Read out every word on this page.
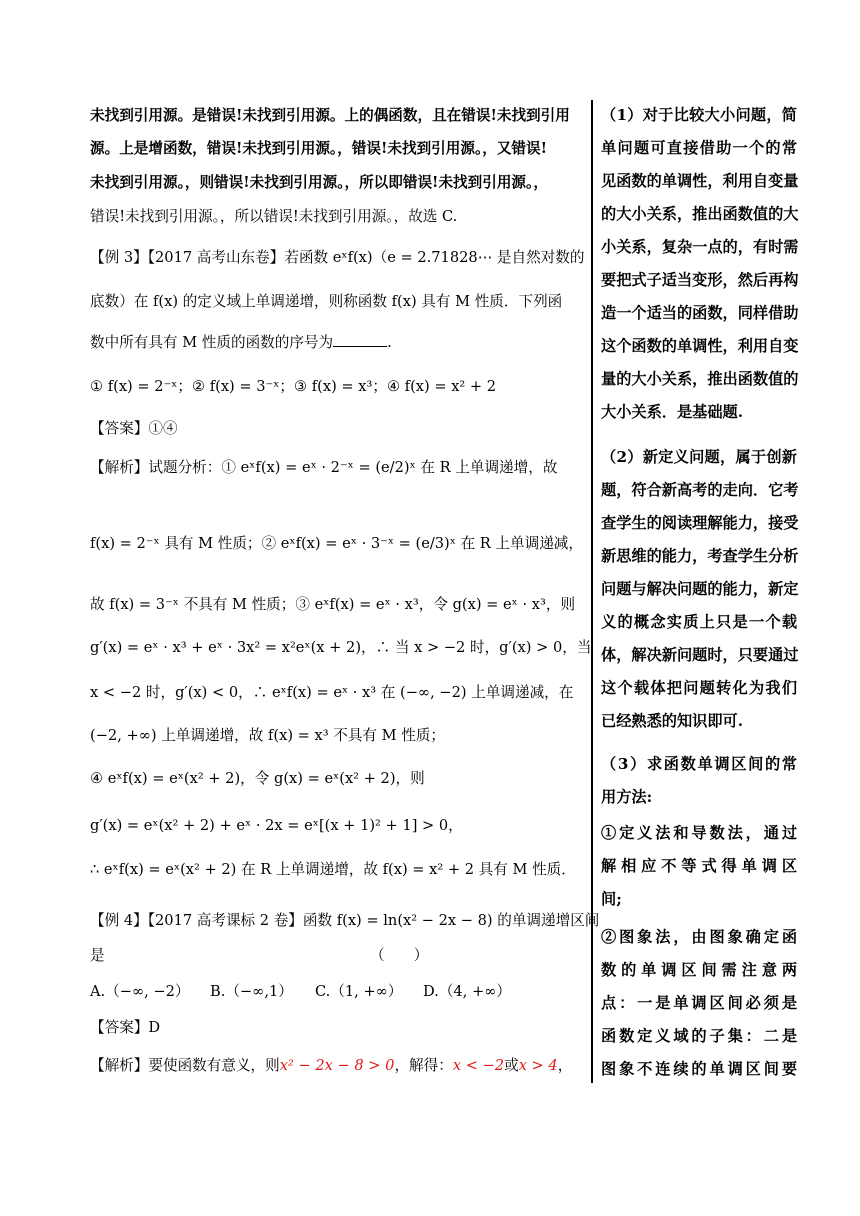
未找到引用源。是错误!未找到引用源。上的偶函数，且在错误!未找到引用
源。上是增函数，错误!未找到引用源。，错误!未找到引用源。，又错误!
未找到引用源。，则错误!未找到引用源。，所以即错误!未找到引用源。，
错误!未找到引用源。，所以错误!未找到引用源。，故选 C.
【例 3】【2017 高考山东卷】若函数 eˣf(x)（e = 2.71828⋯ 是自然对数的
底数）在 f(x) 的定义域上单调递增，则称函数 f(x) 具有 M 性质．下列函
数中所有具有 M 性质的函数的序号为	.
① f(x) = 2⁻ˣ；② f(x) = 3⁻ˣ；③ f(x) = x³；④ f(x) = x² + 2
【答案】①④
【解析】试题分析：① eˣf(x) = eˣ · 2⁻ˣ = (e/2)ˣ 在 R 上单调递增，故
f(x) = 2⁻ˣ 具有 M 性质；② eˣf(x) = eˣ · 3⁻ˣ = (e/3)ˣ 在 R 上单调递减，
故 f(x) = 3⁻ˣ 不具有 M 性质；③ eˣf(x) = eˣ · x³，令 g(x) = eˣ · x³，则
g′(x) = eˣ · x³ + eˣ · 3x² = x²eˣ(x + 2)，∴ 当 x > −2 时，g′(x) > 0，当
x < −2 时，g′(x) < 0，∴ eˣf(x) = eˣ · x³ 在 (−∞, −2) 上单调递减，在
(−2, +∞) 上单调递增，故 f(x) = x³ 不具有 M 性质；
④ eˣf(x) = eˣ(x² + 2)，令 g(x) = eˣ(x² + 2)，则
g′(x) = eˣ(x² + 2) + eˣ · 2x = eˣ[(x + 1)² + 1] > 0，
∴ eˣf(x) = eˣ(x² + 2) 在 R 上单调递增，故 f(x) = x² + 2 具有 M 性质．
【例 4】【2017 高考课标 2 卷】函数 f(x) = ln(x² − 2x − 8) 的单调递增区间
是	（　　）
A.（−∞, −2） B.（−∞,1） C.（1, +∞） D.（4, +∞）
【答案】D
【解析】要使函数有意义，则x² − 2x − 8 > 0，解得：x < −2或x > 4，
（1）对于比较大小问题，简
单问题可直接借助一个的常
见函数的单调性，利用自变量
的大小关系，推出函数值的大
小关系，复杂一点的，有时需
要把式子适当变形，然后再构
造一个适当的函数，同样借助
这个函数的单调性，利用自变
量的大小关系，推出函数值的
大小关系．是基础题.
（2）新定义问题，属于创新
题，符合新高考的走向．它考
查学生的阅读理解能力，接受
新思维的能力，考查学生分析
问题与解决问题的能力，新定
义的概念实质上只是一个载
体，解决新问题时，只要通过
这个载体把问题转化为我们
已经熟悉的知识即可.
（3）求函数单调区间的常
用方法:
①定义法和导数法，通过
解相应不等式得单调区
间;
②图象法，由图象确定函
数的单调区间需注意两
点：一是单调区间必须是
函数定义域的子集：二是
图象不连续的单调区间要
